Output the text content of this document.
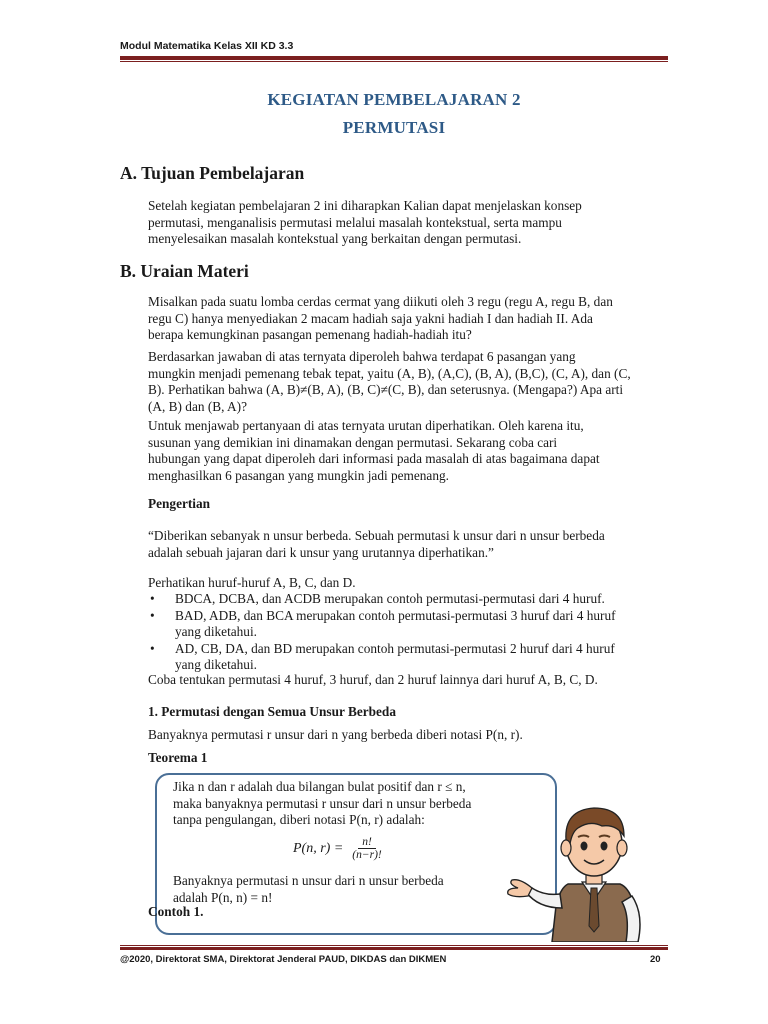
Modul Matematika Kelas XII KD 3.3
KEGIATAN PEMBELAJARAN 2
PERMUTASI
A. Tujuan Pembelajaran
Setelah kegiatan pembelajaran 2 ini diharapkan Kalian dapat menjelaskan konsep
permutasi, menganalisis permutasi melalui masalah kontekstual, serta mampu
menyelesaikan masalah kontekstual yang berkaitan dengan permutasi.
B. Uraian Materi
Misalkan pada suatu lomba cerdas cermat yang diikuti oleh 3 regu (regu A, regu B, dan
regu C) hanya menyediakan 2 macam hadiah saja yakni hadiah I dan hadiah II. Ada
berapa kemungkinan pasangan pemenang hadiah-hadiah itu?
Berdasarkan jawaban di atas ternyata diperoleh bahwa terdapat 6 pasangan yang
mungkin menjadi pemenang tebak tepat, yaitu (A, B), (A,C), (B, A), (B,C), (C, A), dan (C,
B). Perhatikan bahwa (A, B)≠(B, A), (B, C)≠(C, B), dan seterusnya. (Mengapa?) Apa arti
(A, B) dan (B, A)?
Untuk menjawab pertanyaan di atas ternyata urutan diperhatikan. Oleh karena itu,
susunan yang demikian ini dinamakan dengan permutasi. Sekarang coba cari
hubungan yang dapat diperoleh dari informasi pada masalah di atas bagaimana dapat
menghasilkan 6 pasangan yang mungkin jadi pemenang.
Pengertian
“Diberikan sebanyak n unsur berbeda. Sebuah permutasi k unsur dari n unsur berbeda
adalah sebuah jajaran dari k unsur yang urutannya diperhatikan.”
Perhatikan huruf-huruf A, B, C, dan D.
• BDCA, DCBA, dan ACDB merupakan contoh permutasi-permutasi dari 4 huruf.
• BAD, ADB, dan BCA merupakan contoh permutasi-permutasi 3 huruf dari 4 huruf yang diketahui.
• AD, CB, DA, dan BD merupakan contoh permutasi-permutasi 2 huruf dari 4 huruf yang diketahui.
Coba tentukan permutasi 4 huruf, 3 huruf, dan 2 huruf lainnya dari huruf A, B, C, D.
1. Permutasi dengan Semua Unsur Berbeda
Banyaknya permutasi r unsur dari n yang berbeda diberi notasi P(n, r).
Teorema 1
Jika n dan r adalah dua bilangan bulat positif dan r ≤ n,
maka banyaknya permutasi r unsur dari n unsur berbeda
tanpa pengulangan, diberi notasi P(n, r) adalah:
P(n, $r) = \frac{n!}{(n-r)!}$
Banyaknya permutasi n unsur dari n unsur berbeda
adalah P(n, n) = n!
Contoh 1.
@2020, Direktorat SMA, Direktorat Jenderal PAUD, DIKDAS dan DIKMEN	20
